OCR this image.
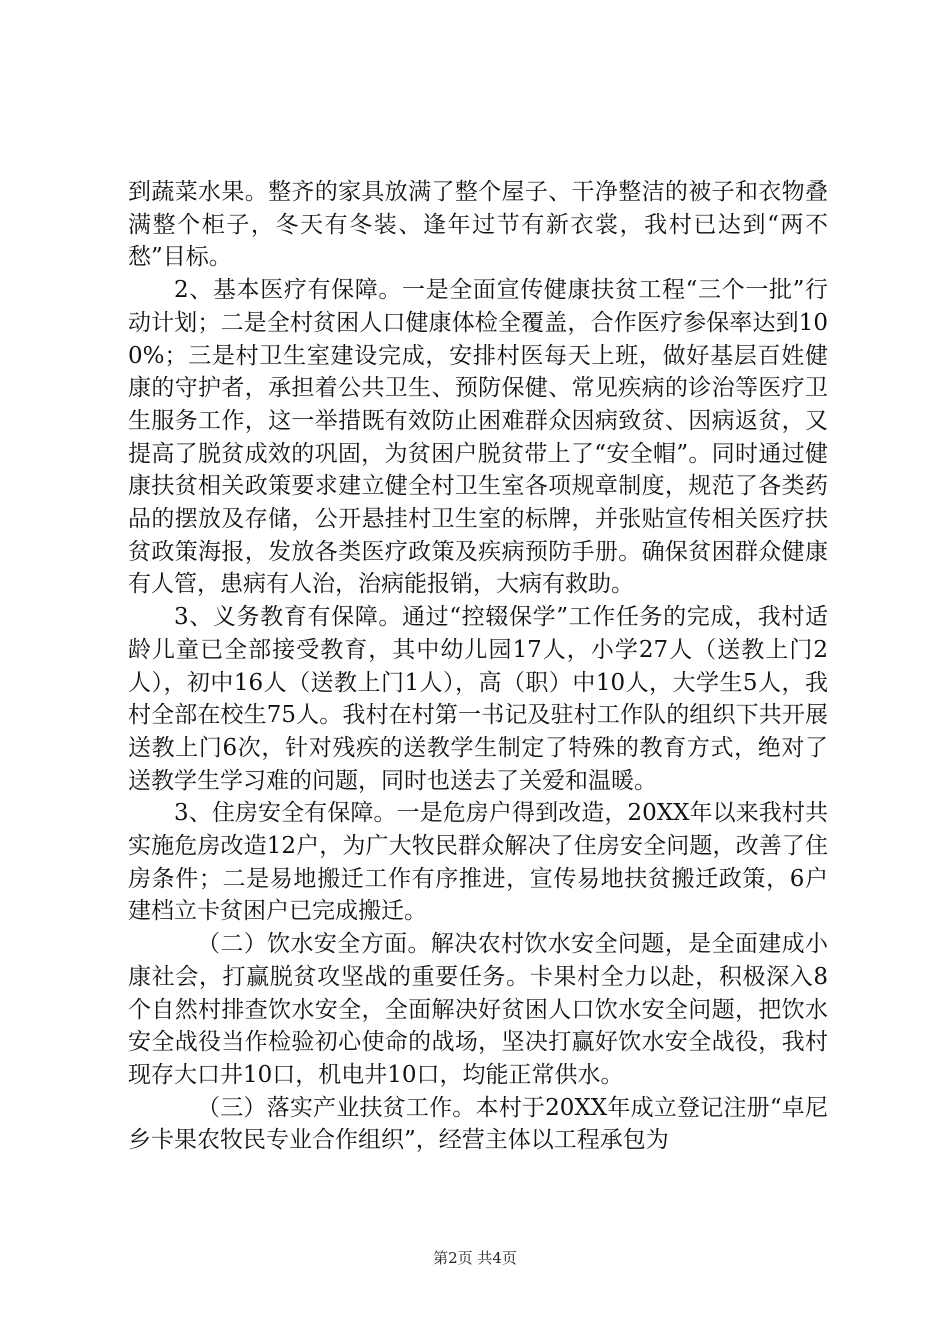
到蔬菜水果。整齐的家具放满了整个屋子、干净整洁的被子和衣物叠满整个柜子，冬天有冬装、逢年过节有新衣裳，我村已达到“两不愁”目标。

2、基本医疗有保障。一是全面宣传健康扶贫工程“三个一批”行动计划；二是全村贫困人口健康体检全覆盖，合作医疗参保率达到100%；三是村卫生室建设完成，安排村医每天上班，做好基层百姓健康的守护者，承担着公共卫生、预防保健、常见疾病的诊治等医疗卫生服务工作，这一举措既有效防止困难群众因病致贫、因病返贫，又提高了脱贫成效的巩固，为贫困户脱贫带上了“安全帽”。同时通过健康扶贫相关政策要求建立健全村卫生室各项规章制度，规范了各类药品的摆放及存储，公开悬挂村卫生室的标牌，并张贴宣传相关医疗扶贫政策海报，发放各类医疗政策及疾病预防手册。确保贫困群众健康有人管，患病有人治，治病能报销，大病有救助。

3、义务教育有保障。通过“控辍保学”工作任务的完成，我村适龄儿童已全部接受教育，其中幼儿园17人，小学27人（送教上门2人），初中16人（送教上门1人），高（职）中10人，大学生5人，我村全部在校生75人。我村在村第一书记及驻村工作队的组织下共开展送教上门6次，针对残疾的送教学生制定了特殊的教育方式，绝对了送教学生学习难的问题，同时也送去了关爱和温暖。

3、住房安全有保障。一是危房户得到改造，20XX年以来我村共实施危房改造12户，为广大牧民群众解决了住房安全问题，改善了住房条件；二是易地搬迁工作有序推进，宣传易地扶贫搬迁政策，6户建档立卡贫困户已完成搬迁。

（二）饮水安全方面。解决农村饮水安全问题，是全面建成小康社会，打赢脱贫攻坚战的重要任务。卡果村全力以赴，积极深入8个自然村排查饮水安全，全面解决好贫困人口饮水安全问题，把饮水安全战役当作检验初心使命的战场，坚决打赢好饮水安全战役，我村现存大口井10口，机电井10口，均能正常供水。

（三）落实产业扶贫工作。本村于20XX年成立登记注册“卓尼乡卡果农牧民专业合作组织”，经营主体以工程承包为

第2页 共4页
